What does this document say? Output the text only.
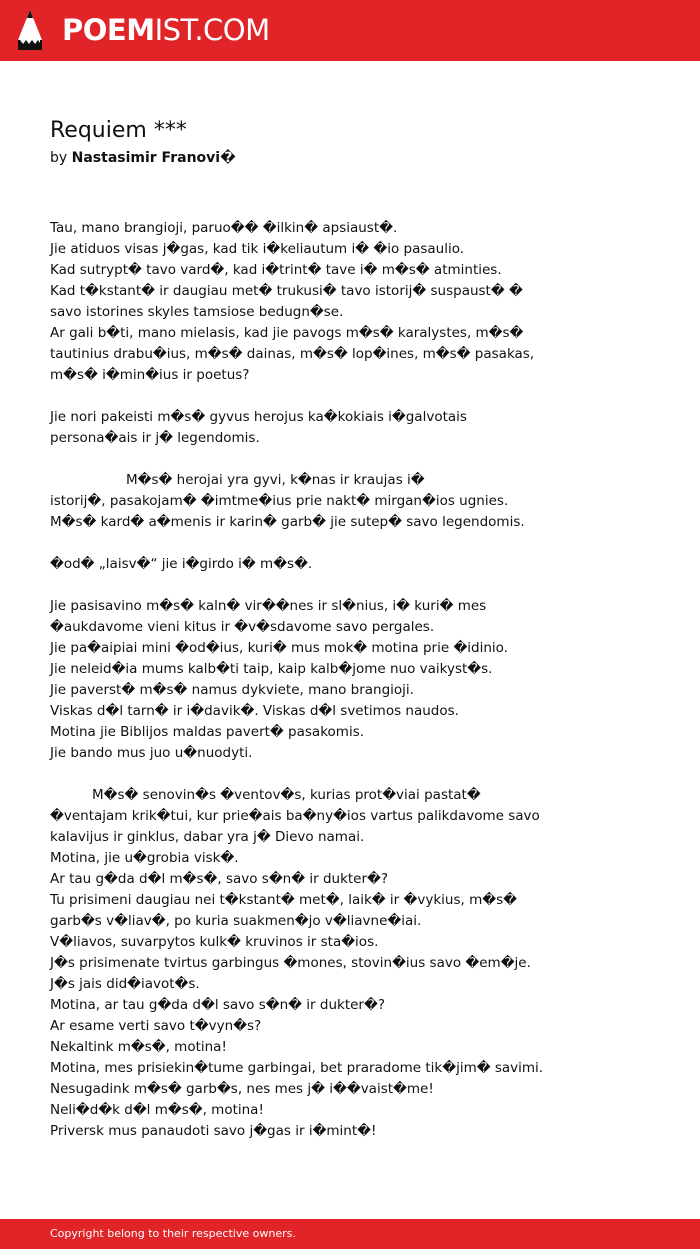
POEMIST.COM
Requiem ***
by Nastasimir Franovi�
Tau, mano brangioji, paruo�� �ilkin� apsiaust�.
Jie atiduos visas j�gas, kad tik i�keliautum i� �io pasaulio.
Kad sutrypt� tavo vard�, kad i�trint� tave i� m�s� atminties.
Kad t�kstant� ir daugiau met� trukusi� tavo istorij� suspaust� �
savo istorines skyles tamsiose bedugn�se.
Ar gali b�ti, mano mielasis, kad jie pavogs m�s� karalystes, m�s�
tautinius drabu�ius, m�s� dainas, m�s� lop�ines, m�s� pasakas,
m�s� i�min�ius ir poetus?
Jie nori pakeisti m�s� gyvus herojus ka�kokiais i�galvotais
persona�ais ir j� legendomis.
M�s� herojai yra gyvi, k�nas ir kraujas i�
istorij�, pasakojam� �imtme�ius prie nakt� mirgan�ios ugnies.
M�s� kard� a�menis ir karin� garb� jie sutep� savo legendomis.
�od� „laisv�“ jie i�girdo i� m�s�.
Jie pasisavino m�s� kaln� vir��nes ir sl�nius, i� kuri� mes
�aukdavome vieni kitus ir �v�sdavome savo pergales.
Jie pa�aipiai mini �od�ius, kuri� mus mok� motina prie �idinio.
Jie neleid�ia mums kalb�ti taip, kaip kalb�jome nuo vaikyst�s.
Jie paverst� m�s� namus dykviete, mano brangioji.
Viskas d�l tarn� ir i�davik�. Viskas d�l svetimos naudos.
Motina jie Biblijos maldas pavert� pasakomis.
Jie bando mus juo u�nuodyti.
M�s� senovin�s �ventov�s, kurias prot�viai pastat�
�ventajam krik�tui, kur prie�ais ba�ny�ios vartus palikdavome savo
kalavijus ir ginklus, dabar yra j� Dievo namai.
Motina, jie u�grobia visk�.
Ar tau g�da d�l m�s�, savo s�n� ir dukter�?
Tu prisimeni daugiau nei t�kstant� met�, laik� ir �vykius, m�s�
garb�s v�liav�, po kuria suakmen�jo v�liavne�iai.
V�liavos, suvarpytos kulk� kruvinos ir sta�ios.
J�s prisimenate tvirtus garbingus �mones, stovin�ius savo �em�je.
J�s jais did�iavot�s.
Motina, ar tau g�da d�l savo s�n� ir dukter�?
Ar esame verti savo t�vyn�s?
Nekaltink m�s�, motina!
Motina, mes prisiekin�tume garbingai, bet praradome tik�jim� savimi.
Nesugadink m�s� garb�s, nes mes j� i��vaist�me!
Neli�d�k d�l m�s�, motina!
Priversk mus panaudoti savo j�gas ir i�mint�!
Copyright belong to their respective owners.
